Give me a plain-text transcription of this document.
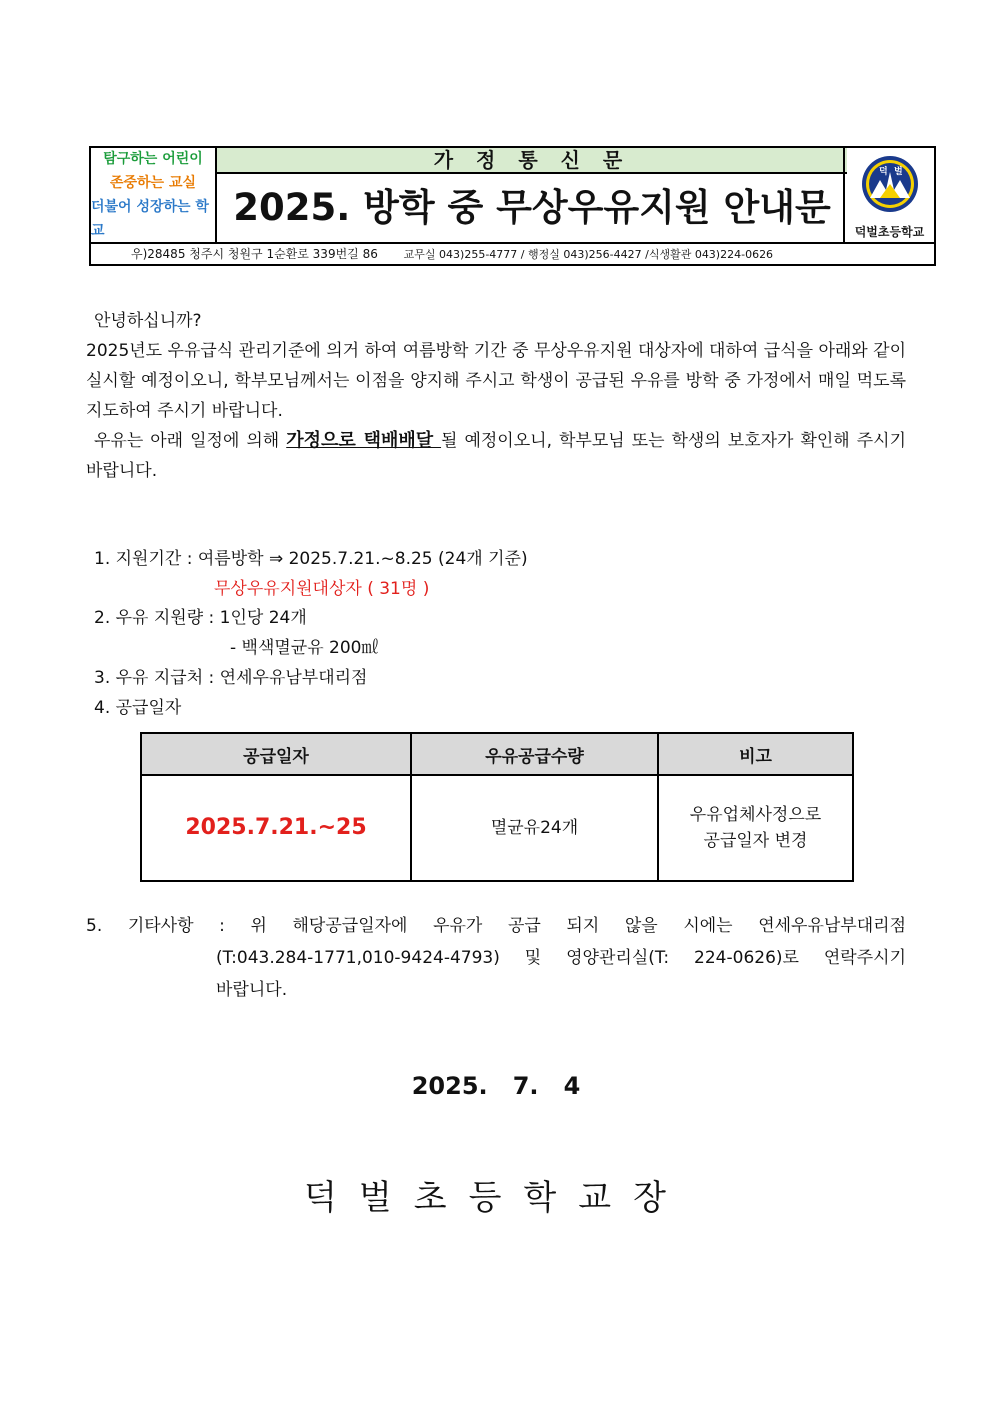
탐구하는 어린이
존중하는 교실
더불어 성장하는 학교
가 정 통 신 문
2025. 방학 중 무상우유지원 안내문
덕 벌
덕벌초등학교
우)28485 청주시 청원구 1순환로 339번길 86 교무실 043)255-4777 / 행정실 043)256-4427 /식생활관 043)224-0626
안녕하십니까?
2025년도 우유급식 관리기준에 의거 하여 여름방학 기간 중 무상우유지원 대상자에 대하여 급식을 아래와 같이 실시할 예정이오니, 학부모님께서는 이점을 양지해 주시고 학생이 공급된 우유를 방학 중 가정에서 매일 먹도록 지도하여 주시기 바랍니다.
우유는 아래 일정에 의해 가정으로 택배배달 될 예정이오니, 학부모님 또는 학생의 보호자가 확인해 주시기 바랍니다.
1. 지원기간 : 여름방학 ⇒ 2025.7.21.~8.25 (24개 기준)
무상우유지원대상자 ( 31명 )
2. 우유 지원량 : 1인당 24개
- 백색멸균유 200㎖
3. 우유 지급처 : 연세우유남부대리점
4. 공급일자
공급일자	우유공급수량	비고
2025.7.21.~25	멸균유24개	우유업체사정으로
공급일자 변경
5. 기타사항 : 위 해당공급일자에 우유가 공급 되지 않을 시에는 연세우유남부대리점
(T:043.284-1771,010-9424-4793) 및 영양관리실(T: 224-0626)로 연락주시기
바랍니다.
2025.   7.   4
덕벌초등학교장
